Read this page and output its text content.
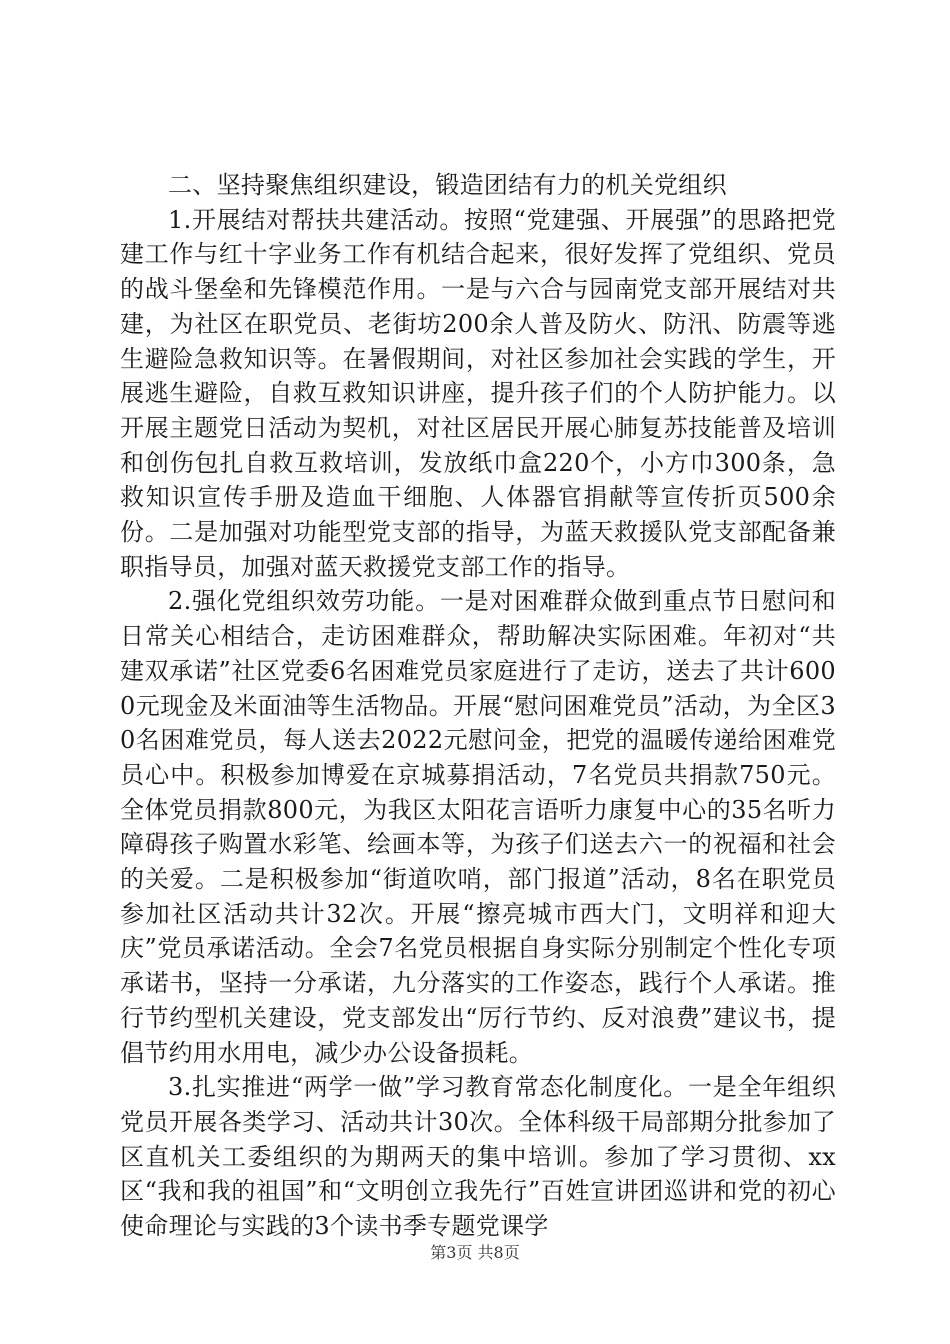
二、坚持聚焦组织建设，锻造团结有力的机关党组织

1.开展结对帮扶共建活动。按照“党建强、开展强”的思路把党建工作与红十字业务工作有机结合起来，很好发挥了党组织、党员的战斗堡垒和先锋模范作用。一是与六合与园南党支部开展结对共建，为社区在职党员、老街坊200余人普及防火、防汛、防震等逃生避险急救知识等。在暑假期间，对社区参加社会实践的学生，开展逃生避险，自救互救知识讲座，提升孩子们的个人防护能力。以开展主题党日活动为契机，对社区居民开展心肺复苏技能普及培训和创伤包扎自救互救培训，发放纸巾盒220个，小方巾300条，急救知识宣传手册及造血干细胞、人体器官捐献等宣传折页500余份。二是加强对功能型党支部的指导，为蓝天救援队党支部配备兼职指导员，加强对蓝天救援党支部工作的指导。

2.强化党组织效劳功能。一是对困难群众做到重点节日慰问和日常关心相结合，走访困难群众，帮助解决实际困难。年初对“共建双承诺”社区党委6名困难党员家庭进行了走访，送去了共计6000元现金及米面油等生活物品。开展“慰问困难党员”活动，为全区30名困难党员，每人送去2022元慰问金，把党的温暖传递给困难党员心中。积极参加博爱在京城募捐活动，7名党员共捐款750元。全体党员捐款800元，为我区太阳花言语听力康复中心的35名听力障碍孩子购置水彩笔、绘画本等，为孩子们送去六一的祝福和社会的关爱。二是积极参加“街道吹哨，部门报道”活动，8名在职党员参加社区活动共计32次。开展“擦亮城市西大门，文明祥和迎大庆”党员承诺活动。全会7名党员根据自身实际分别制定个性化专项承诺书，坚持一分承诺，九分落实的工作姿态，践行个人承诺。推行节约型机关建设，党支部发出“厉行节约、反对浪费”建议书，提倡节约用水用电，减少办公设备损耗。

3.扎实推进“两学一做”学习教育常态化制度化。一是全年组织党员开展各类学习、活动共计30次。全体科级干局部期分批参加了区直机关工委组织的为期两天的集中培训。参加了学习贯彻、xx区“我和我的祖国”和“文明创立我先行”百姓宣讲团巡讲和党的初心使命理论与实践的3个读书季专题党课学

第3页 共8页
